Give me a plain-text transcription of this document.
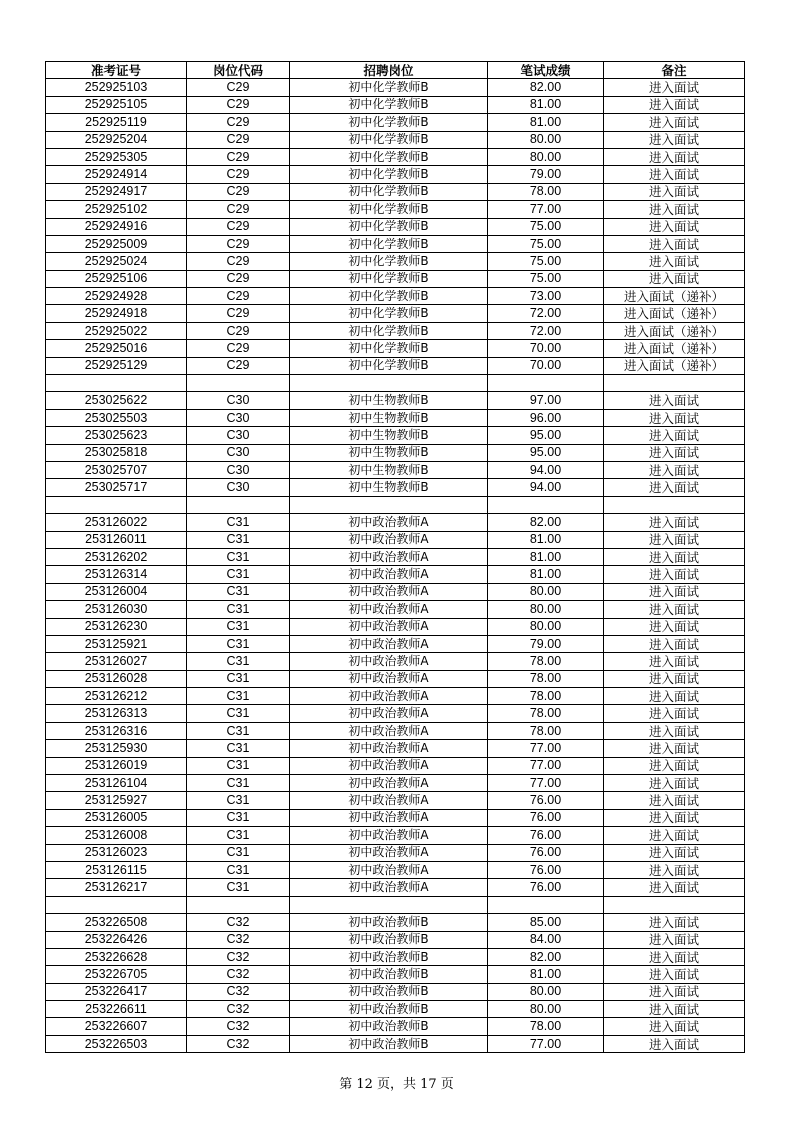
准考证号	岗位代码	招聘岗位	笔试成绩	备注
252925103	C29	初中化学教师B	82.00	进入面试
252925105	C29	初中化学教师B	81.00	进入面试
252925119	C29	初中化学教师B	81.00	进入面试
252925204	C29	初中化学教师B	80.00	进入面试
252925305	C29	初中化学教师B	80.00	进入面试
252924914	C29	初中化学教师B	79.00	进入面试
252924917	C29	初中化学教师B	78.00	进入面试
252925102	C29	初中化学教师B	77.00	进入面试
252924916	C29	初中化学教师B	75.00	进入面试
252925009	C29	初中化学教师B	75.00	进入面试
252925024	C29	初中化学教师B	75.00	进入面试
252925106	C29	初中化学教师B	75.00	进入面试
252924928	C29	初中化学教师B	73.00	进入面试（递补）
252924918	C29	初中化学教师B	72.00	进入面试（递补）
252925022	C29	初中化学教师B	72.00	进入面试（递补）
252925016	C29	初中化学教师B	70.00	进入面试（递补）
252925129	C29	初中化学教师B	70.00	进入面试（递补）

253025622	C30	初中生物教师B	97.00	进入面试
253025503	C30	初中生物教师B	96.00	进入面试
253025623	C30	初中生物教师B	95.00	进入面试
253025818	C30	初中生物教师B	95.00	进入面试
253025707	C30	初中生物教师B	94.00	进入面试
253025717	C30	初中生物教师B	94.00	进入面试

253126022	C31	初中政治教师A	82.00	进入面试
253126011	C31	初中政治教师A	81.00	进入面试
253126202	C31	初中政治教师A	81.00	进入面试
253126314	C31	初中政治教师A	81.00	进入面试
253126004	C31	初中政治教师A	80.00	进入面试
253126030	C31	初中政治教师A	80.00	进入面试
253126230	C31	初中政治教师A	80.00	进入面试
253125921	C31	初中政治教师A	79.00	进入面试
253126027	C31	初中政治教师A	78.00	进入面试
253126028	C31	初中政治教师A	78.00	进入面试
253126212	C31	初中政治教师A	78.00	进入面试
253126313	C31	初中政治教师A	78.00	进入面试
253126316	C31	初中政治教师A	78.00	进入面试
253125930	C31	初中政治教师A	77.00	进入面试
253126019	C31	初中政治教师A	77.00	进入面试
253126104	C31	初中政治教师A	77.00	进入面试
253125927	C31	初中政治教师A	76.00	进入面试
253126005	C31	初中政治教师A	76.00	进入面试
253126008	C31	初中政治教师A	76.00	进入面试
253126023	C31	初中政治教师A	76.00	进入面试
253126115	C31	初中政治教师A	76.00	进入面试
253126217	C31	初中政治教师A	76.00	进入面试

253226508	C32	初中政治教师B	85.00	进入面试
253226426	C32	初中政治教师B	84.00	进入面试
253226628	C32	初中政治教师B	82.00	进入面试
253226705	C32	初中政治教师B	81.00	进入面试
253226417	C32	初中政治教师B	80.00	进入面试
253226611	C32	初中政治教师B	80.00	进入面试
253226607	C32	初中政治教师B	78.00	进入面试
253226503	C32	初中政治教师B	77.00	进入面试
第 12 页，共 17 页
